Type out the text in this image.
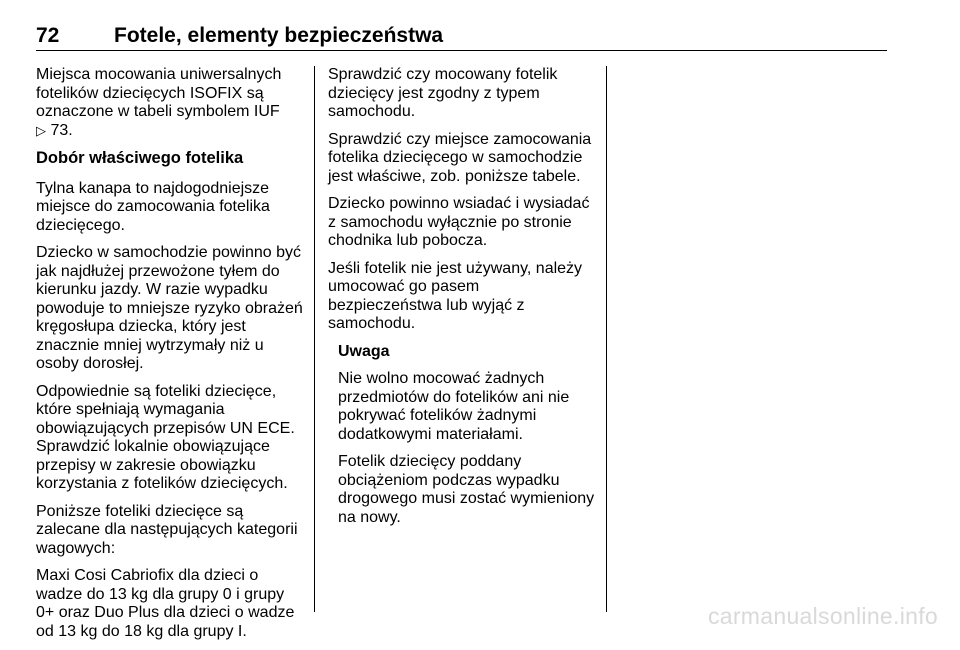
72	Fotele, elementy bezpieczeństwa

Miejsca mocowania uniwersalnych fotelików dziecięcych ISOFIX są oznaczone w tabeli symbolem IUF
▷ 73.

Dobór właściwego fotelika

Tylna kanapa to najdogodniejsze miejsce do zamocowania fotelika dziecięcego.

Dziecko w samochodzie powinno być jak najdłużej przewożone tyłem do kierunku jazdy. W razie wypadku powoduje to mniejsze ryzyko obrażeń kręgosłupa dziecka, który jest znacznie mniej wytrzymały niż u osoby dorosłej.

Odpowiednie są foteliki dziecięce, które spełniają wymagania obowiązujących przepisów UN ECE. Sprawdzić lokalnie obowiązujące przepisy w zakresie obowiązku korzystania z fotelików dziecięcych.

Poniższe foteliki dziecięce są zalecane dla następujących kategorii wagowych:

Maxi Cosi Cabriofix dla dzieci o wadze do 13 kg dla grupy 0 i grupy 0+ oraz Duo Plus dla dzieci o wadze od 13 kg do 18 kg dla grupy I.

Sprawdzić czy mocowany fotelik dziecięcy jest zgodny z typem samochodu.

Sprawdzić czy miejsce zamocowania fotelika dziecięcego w samochodzie jest właściwe, zob. poniższe tabele.

Dziecko powinno wsiadać i wysiadać z samochodu wyłącznie po stronie chodnika lub pobocza.

Jeśli fotelik nie jest używany, należy umocować go pasem bezpieczeństwa lub wyjąć z samochodu.

Uwaga

Nie wolno mocować żadnych przedmiotów do fotelików ani nie pokrywać fotelików żadnymi dodatkowymi materiałami.

Fotelik dziecięcy poddany obciążeniom podczas wypadku drogowego musi zostać wymieniony na nowy.

carmanualsonline.info
